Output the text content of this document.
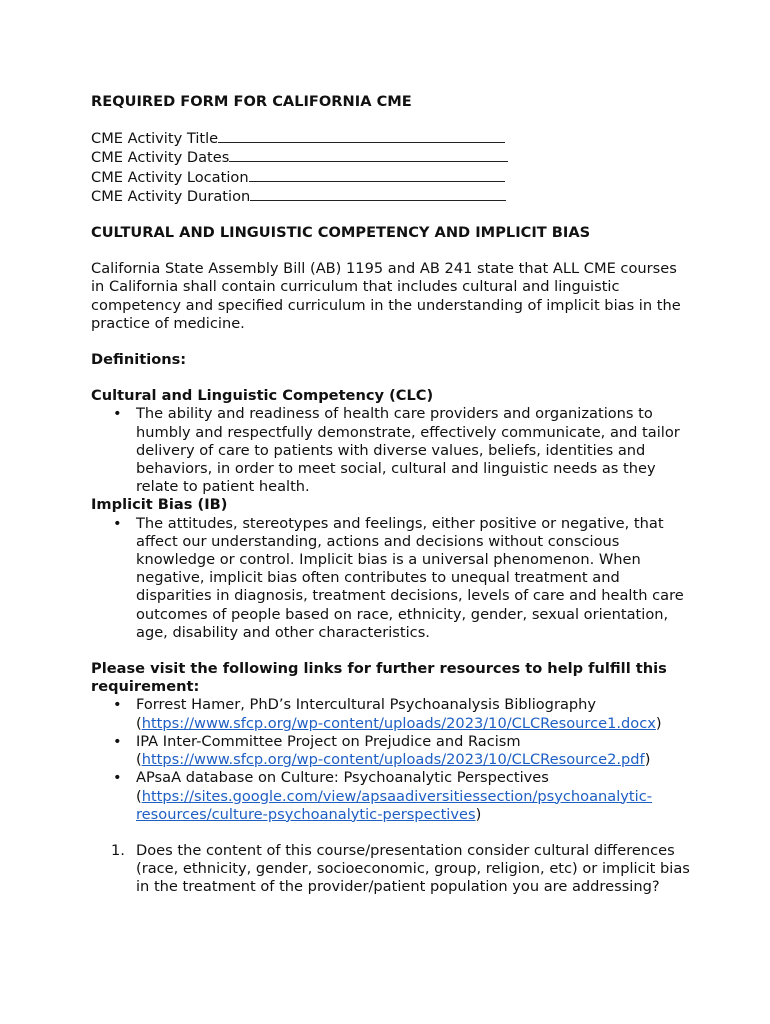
REQUIRED FORM FOR CALIFORNIA CME
CME Activity Title
CME Activity Dates
CME Activity Location
CME Activity Duration
CULTURAL AND LINGUISTIC COMPETENCY AND IMPLICIT BIAS
California State Assembly Bill (AB) 1195 and AB 241 state that ALL CME courses in California shall contain curriculum that includes cultural and linguistic competency and specified curriculum in the understanding of implicit bias in the practice of medicine.
Definitions:
Cultural and Linguistic Competency (CLC)
• The ability and readiness of health care providers and organizations to humbly and respectfully demonstrate, effectively communicate, and tailor delivery of care to patients with diverse values, beliefs, identities and behaviors, in order to meet social, cultural and linguistic needs as they relate to patient health.
Implicit Bias (IB)
• The attitudes, stereotypes and feelings, either positive or negative, that affect our understanding, actions and decisions without conscious knowledge or control. Implicit bias is a universal phenomenon. When negative, implicit bias often contributes to unequal treatment and disparities in diagnosis, treatment decisions, levels of care and health care outcomes of people based on race, ethnicity, gender, sexual orientation, age, disability and other characteristics.
Please visit the following links for further resources to help fulfill this requirement:
• Forrest Hamer, PhD’s Intercultural Psychoanalysis Bibliography
(https://www.sfcp.org/wp-content/uploads/2023/10/CLCResource1.docx)
• IPA Inter-Committee Project on Prejudice and Racism
(https://www.sfcp.org/wp-content/uploads/2023/10/CLCResource2.pdf)
• APsaA database on Culture: Psychoanalytic Perspectives
(https://sites.google.com/view/apsaadiversitiessection/psychoanalytic-resources/culture-psychoanalytic-perspectives)
1. Does the content of this course/presentation consider cultural differences (race, ethnicity, gender, socioeconomic, group, religion, etc) or implicit bias in the treatment of the provider/patient population you are addressing?
